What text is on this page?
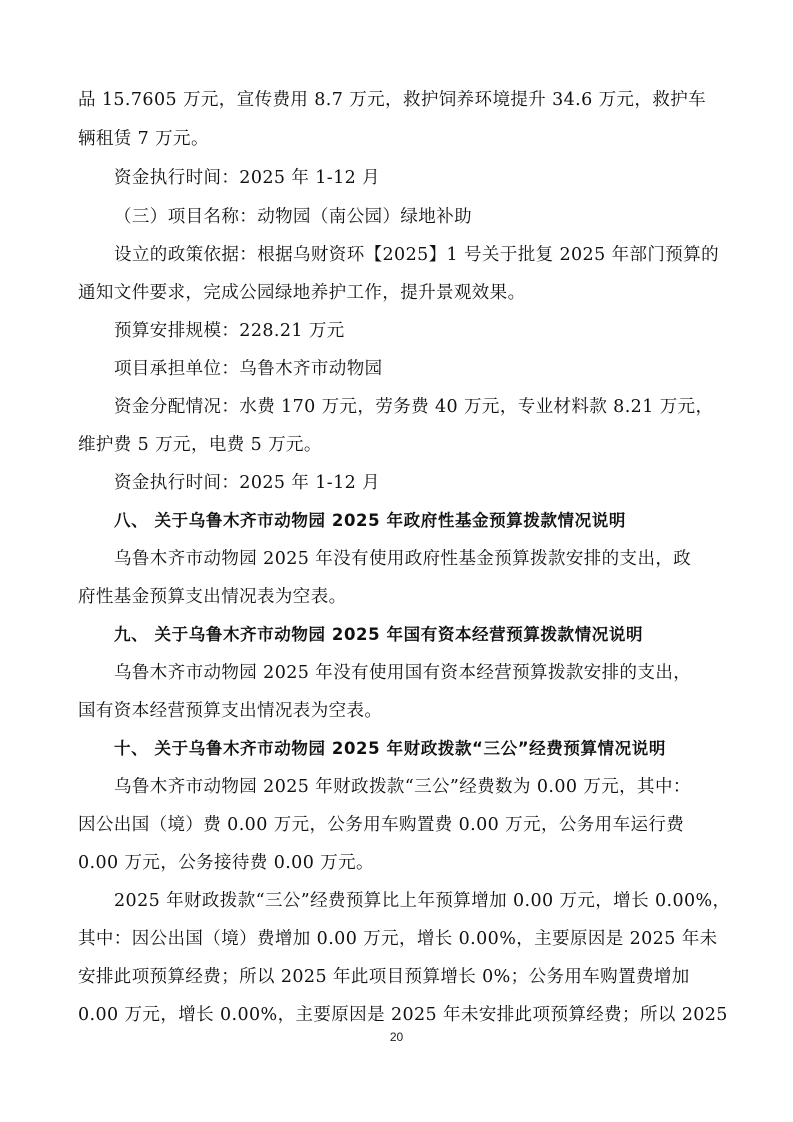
品 15.7605 万元，宣传费用 8.7 万元，救护饲养环境提升 34.6 万元，救护车
辆租赁 7 万元。
资金执行时间：2025 年 1-12 月
（三）项目名称：动物园（南公园）绿地补助
设立的政策依据：根据乌财资环【2025】1 号关于批复 2025 年部门预算的
通知文件要求，完成公园绿地养护工作，提升景观效果。
预算安排规模：228.21 万元
项目承担单位：乌鲁木齐市动物园
资金分配情况：水费 170 万元，劳务费 40 万元，专业材料款 8.21 万元，
维护费 5 万元，电费 5 万元。
资金执行时间：2025 年 1-12 月
八、 关于乌鲁木齐市动物园 2025 年政府性基金预算拨款情况说明
乌鲁木齐市动物园 2025 年没有使用政府性基金预算拨款安排的支出，政
府性基金预算支出情况表为空表。
九、 关于乌鲁木齐市动物园 2025 年国有资本经营预算拨款情况说明
乌鲁木齐市动物园 2025 年没有使用国有资本经营预算拨款安排的支出，
国有资本经营预算支出情况表为空表。
十、 关于乌鲁木齐市动物园 2025 年财政拨款“三公”经费预算情况说明
乌鲁木齐市动物园 2025 年财政拨款“三公”经费数为 0.00 万元，其中：
因公出国（境）费 0.00 万元，公务用车购置费 0.00 万元，公务用车运行费
0.00 万元，公务接待费 0.00 万元。
2025 年财政拨款“三公”经费预算比上年预算增加 0.00 万元，增长 0.00%，
其中：因公出国（境）费增加 0.00 万元，增长 0.00%，主要原因是 2025 年未
安排此项预算经费；所以 2025 年此项目预算增长 0%；公务用车购置费增加
0.00 万元，增长 0.00%，主要原因是 2025 年未安排此项预算经费；所以 2025
20
